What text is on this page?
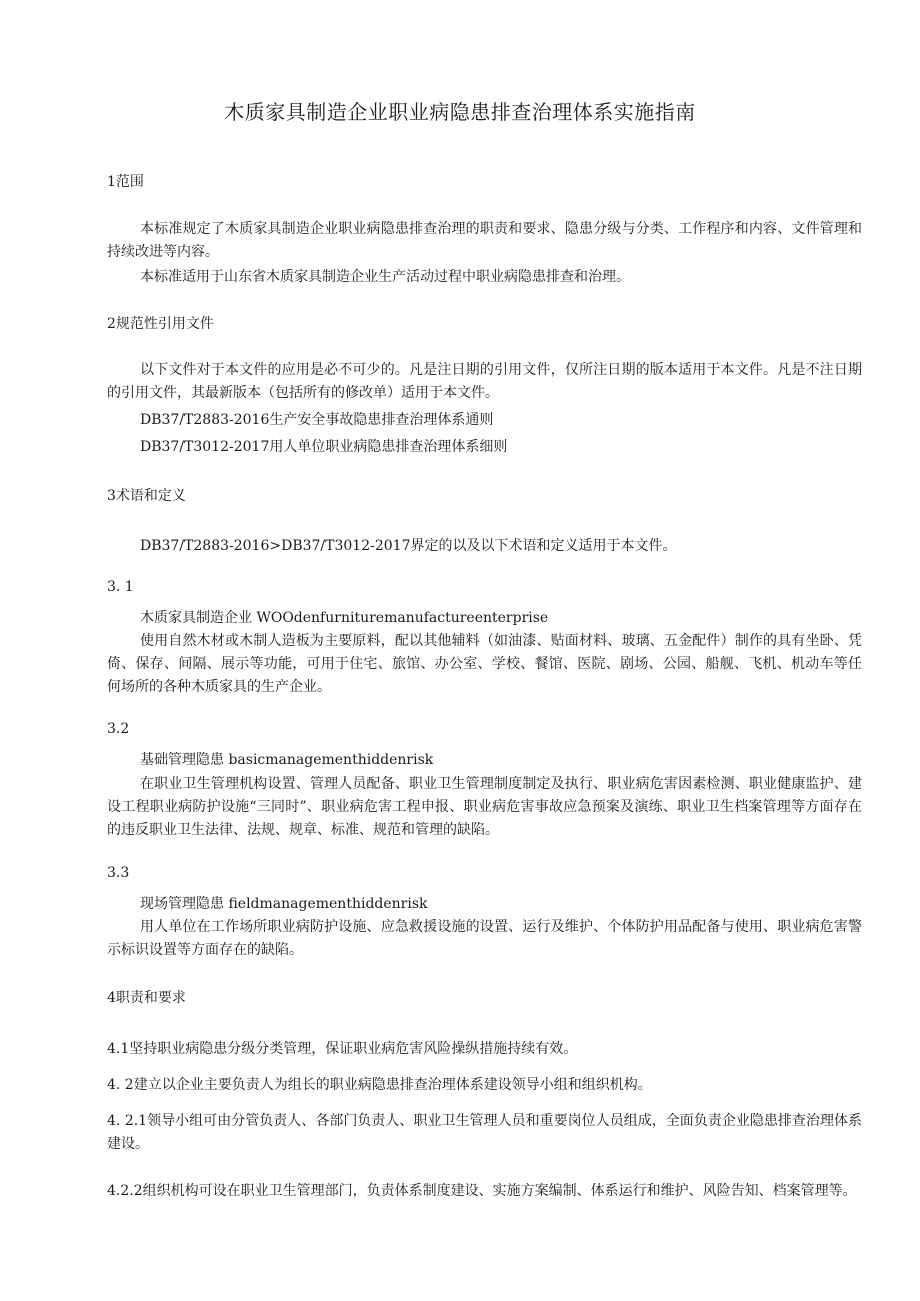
木质家具制造企业职业病隐患排查治理体系实施指南

1范围

本标准规定了木质家具制造企业职业病隐患排查治理的职责和要求、隐患分级与分类、工作程序和内容、文件管理和持续改进等内容。

本标准适用于山东省木质家具制造企业生产活动过程中职业病隐患排查和治理。

2规范性引用文件

以下文件对于本文件的应用是必不可少的。凡是注日期的引用文件，仅所注日期的版本适用于本文件。凡是不注日期的引用文件，其最新版本（包括所有的修改单）适用于本文件。

DB37/T2883-2016生产安全事故隐患排查治理体系通则

DB37/T3012-2017用人单位职业病隐患排查治理体系细则

3术语和定义

DB37/T2883-2016>DB37/T3012-2017界定的以及以下术语和定义适用于本文件。

3. 1

木质家具制造企业 WOOdenfurnituremanufactureenterprise

使用自然木材或木制人造板为主要原料，配以其他辅料（如油漆、贴面材料、玻璃、五金配件）制作的具有坐卧、凭倚、保存、间隔、展示等功能，可用于住宅、旅馆、办公室、学校、餐馆、医院、剧场、公园、船舰、飞机、机动车等任何场所的各种木质家具的生产企业。

3.2

基础管理隐患 basicmanagementhiddenrisk

在职业卫生管理机构设置、管理人员配备、职业卫生管理制度制定及执行、职业病危害因素检测、职业健康监护、建设工程职业病防护设施“三同时”、职业病危害工程申报、职业病危害事故应急预案及演练、职业卫生档案管理等方面存在的违反职业卫生法律、法规、规章、标准、规范和管理的缺陷。

3.3

现场管理隐患 fieldmanagementhiddenrisk

用人单位在工作场所职业病防护设施、应急救援设施的设置、运行及维护、个体防护用品配备与使用、职业病危害警示标识设置等方面存在的缺陷。

4职责和要求

4.1坚持职业病隐患分级分类管理，保证职业病危害风险操纵措施持续有效。

4. 2建立以企业主要负责人为组长的职业病隐患排查治理体系建设领导小组和组织机构。

4. 2.1领导小组可由分管负责人、各部门负责人、职业卫生管理人员和重要岗位人员组成，全面负责企业隐患排查治理体系建设。

4.2.2组织机构可设在职业卫生管理部门，负责体系制度建设、实施方案编制、体系运行和维护、风险告知、档案管理等。
